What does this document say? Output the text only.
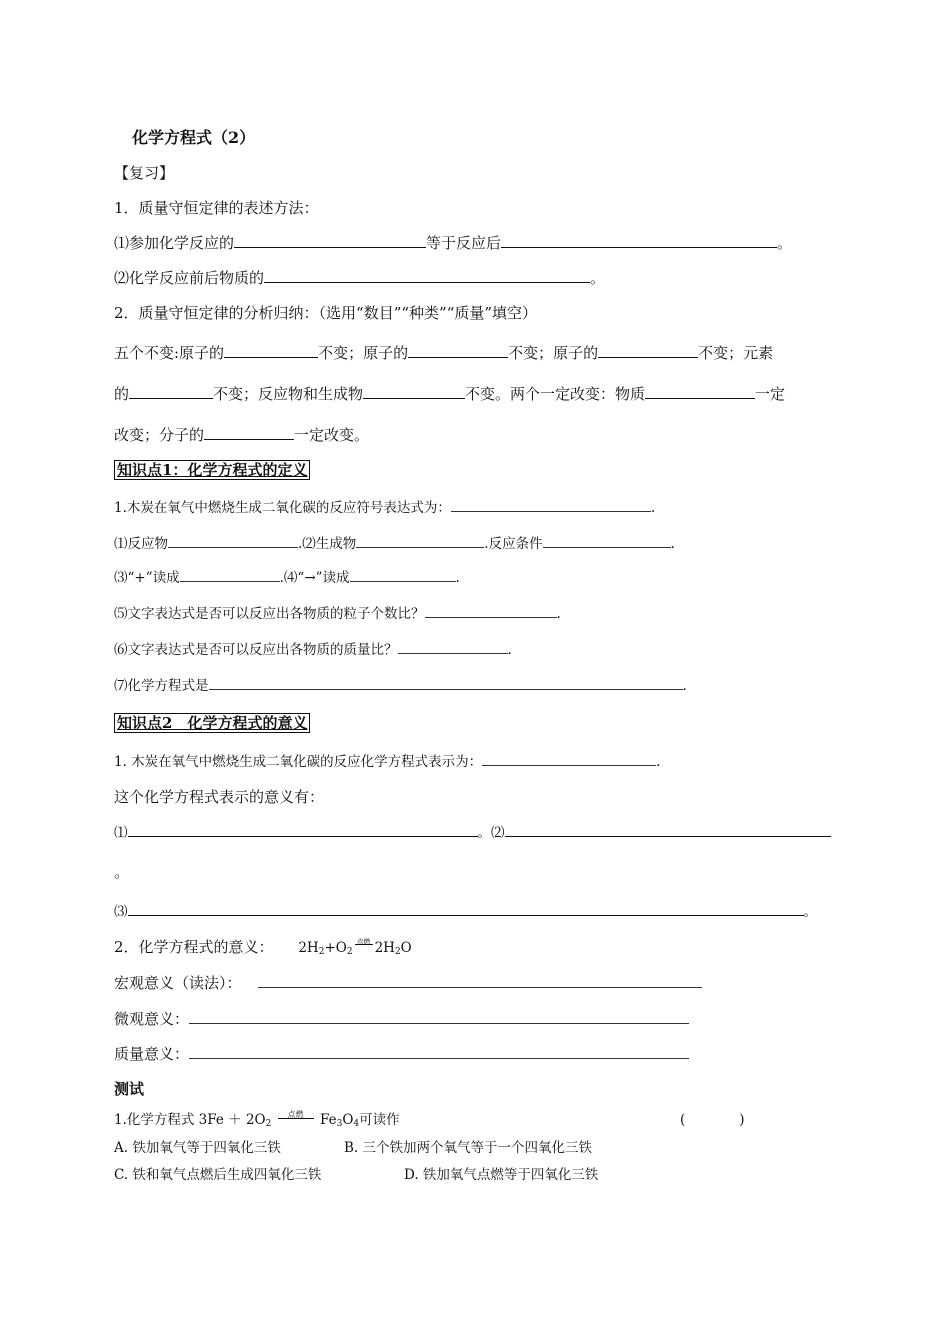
化学方程式（2）
【复习】
1．质量守恒定律的表述方法：
⑴参加化学反应的	等于反应后	。
⑵化学反应前后物质的	。
2．质量守恒定律的分析归纳：（选用“数目”“种类”“质量”填空）
五个不变:原子的	不变；原子的	不变；原子的	不变；元素
的	不变；反应物和生成物	不变。两个一定改变：物质	一定
改变；分子的	一定改变。
知识点1：化学方程式的定义
1.木炭在氧气中燃烧生成二氧化碳的反应符号表达式为：	.
⑴反应物	.⑵生成物	.反应条件	.
⑶“+”读成	.⑷“→”读成	.
⑸文字表达式是否可以反应出各物质的粒子个数比？	.
⑹文字表达式是否可以反应出各物质的质量比？	.
⑺化学方程式是	.
知识点2　化学方程式的意义
1. 木炭在氧气中燃烧生成二氧化碳的反应化学方程式表示为：	.
这个化学方程式表示的意义有：
⑴	。⑵
。
⑶	。
2．化学方程式的意义： $2H_2+O_2$
点燃 $2H_2O$
宏观意义（读法）：
微观意义：
质量意义：
测试
1.化学方程式 $3Fe + 2O_2$
点燃	$Fe_3O_4$可读作	(　　　　)
A. 铁加氧气等于四氧化三铁	B. 三个铁加两个氧气等于一个四氧化三铁
C. 铁和氧气点燃后生成四氧化三铁	D. 铁加氧气点燃等于四氧化三铁
